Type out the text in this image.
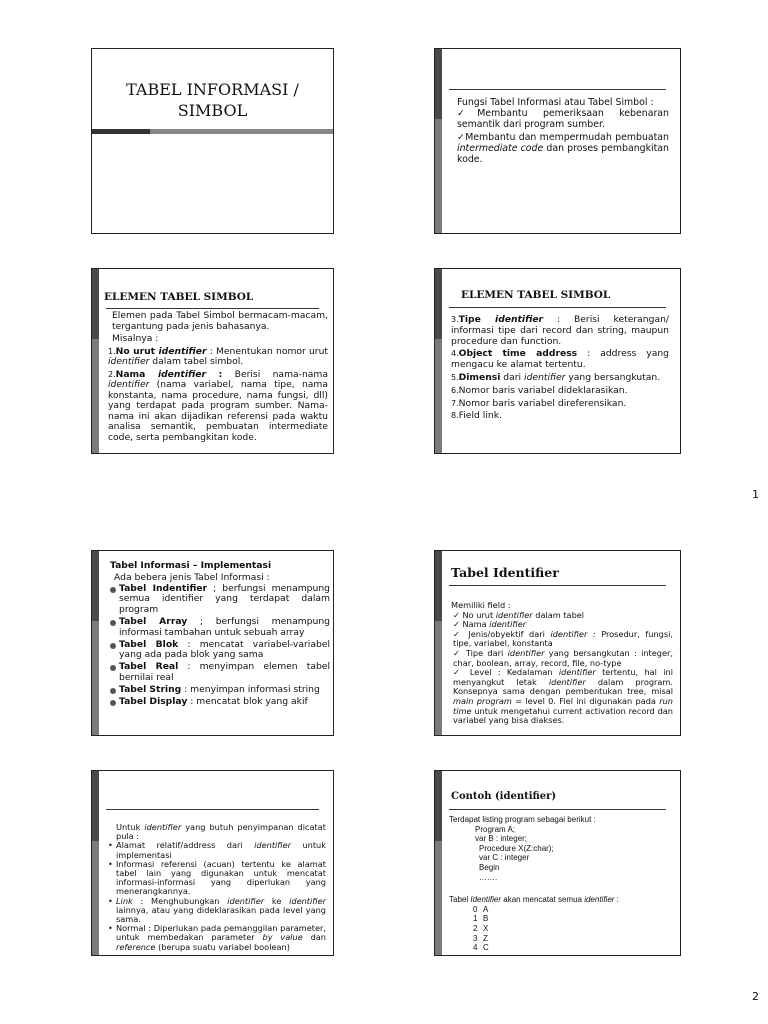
TABEL INFORMASI /
SIMBOL	Fungsi Tabel Informasi atau Tabel Simbol :
✓Membantu pemeriksaan kebenaran semantik dari program sumber.
✓Membantu dan mempermudah pembuatan intermediate code dan proses pembangkitan kode.
ELEMEN TABEL SIMBOL
Elemen pada Tabel Simbol bermacam-macam, tergantung pada jenis bahasanya.
Misalnya :
1.No urut identifier : Menentukan nomor urut identifier dalam tabel simbol.
2.Nama identifier : Berisi nama-nama identifier (nama variabel, nama tipe, nama konstanta, nama procedure, nama fungsi, dll) yang terdapat pada program sumber. Nama-nama ini akan dijadikan referensi pada waktu analisa semantik, pembuatan intermediate code, serta pembangkitan kode.
ELEMEN TABEL SIMBOL
3.Tipe identifier : Berisi keterangan/ informasi tipe dari record dan string, maupun procedure dan function.
4.Object time address : address yang mengacu ke alamat tertentu.
5.Dimensi dari identifier yang bersangkutan.
6.Nomor baris variabel dideklarasikan.
7.Nomor baris variabel direferensikan.
8.Field link.
1
Tabel Informasi – Implementasi
Ada bebera jenis Tabel Informasi :
Tabel Indentifier ; berfungsi menampung semua identifier yang terdapat dalam program
Tabel Array ; berfungsi menampung informasi tambahan untuk sebuah array
Tabel Blok : mencatat variabel-variabel yang ada pada blok yang sama
Tabel Real : menyimpan elemen tabel bernilai real
Tabel String : menyimpan informasi string
Tabel Display : mencatat blok yang akif
Tabel Identifier
Memiliki field :
✓ No urut identifier dalam tabel
✓ Nama identifier
✓ Jenis/obyektif dari identifier : Prosedur, fungsi, tipe, variabel, konstanta
✓ Tipe dari identifier yang bersangkutan : integer, char, boolean, array, record, file, no-type
✓ Level : Kedalaman identifier tertentu, hal ini menyangkut letak identifier dalam program. Konsepnya sama dengan pembentukan tree, misal main program = level 0. Fiel ini digunakan pada run time untuk mengetahui current activation record dan variabel yang bisa diakses.
Untuk identifier yang butuh penyimpanan dicatat pula :
• Alamat relatif/address dari identifier untuk implementasi
• Informasi referensi (acuan) tertentu ke alamat tabel lain yang digunakan untuk mencatat informasi-informasi yang diperlukan yang menerangkannya.
• Link : Menghubungkan identifier ke identifier lainnya, atau yang dideklarasikan pada level yang sama.
• Normal : Diperlukan pada pemanggilan parameter, untuk membedakan parameter by value dan reference (berupa suatu variabel boolean)
Contoh (identifier)
Terdapat listing program sebagai berikut :
Program A;
var B : integer;
Procedure X(Z:char);
var C : integer
Begin
…….
Tabel Identifier akan mencatat semua identifier :
0 A
1 B
2 X
3 Z
4 C
2
